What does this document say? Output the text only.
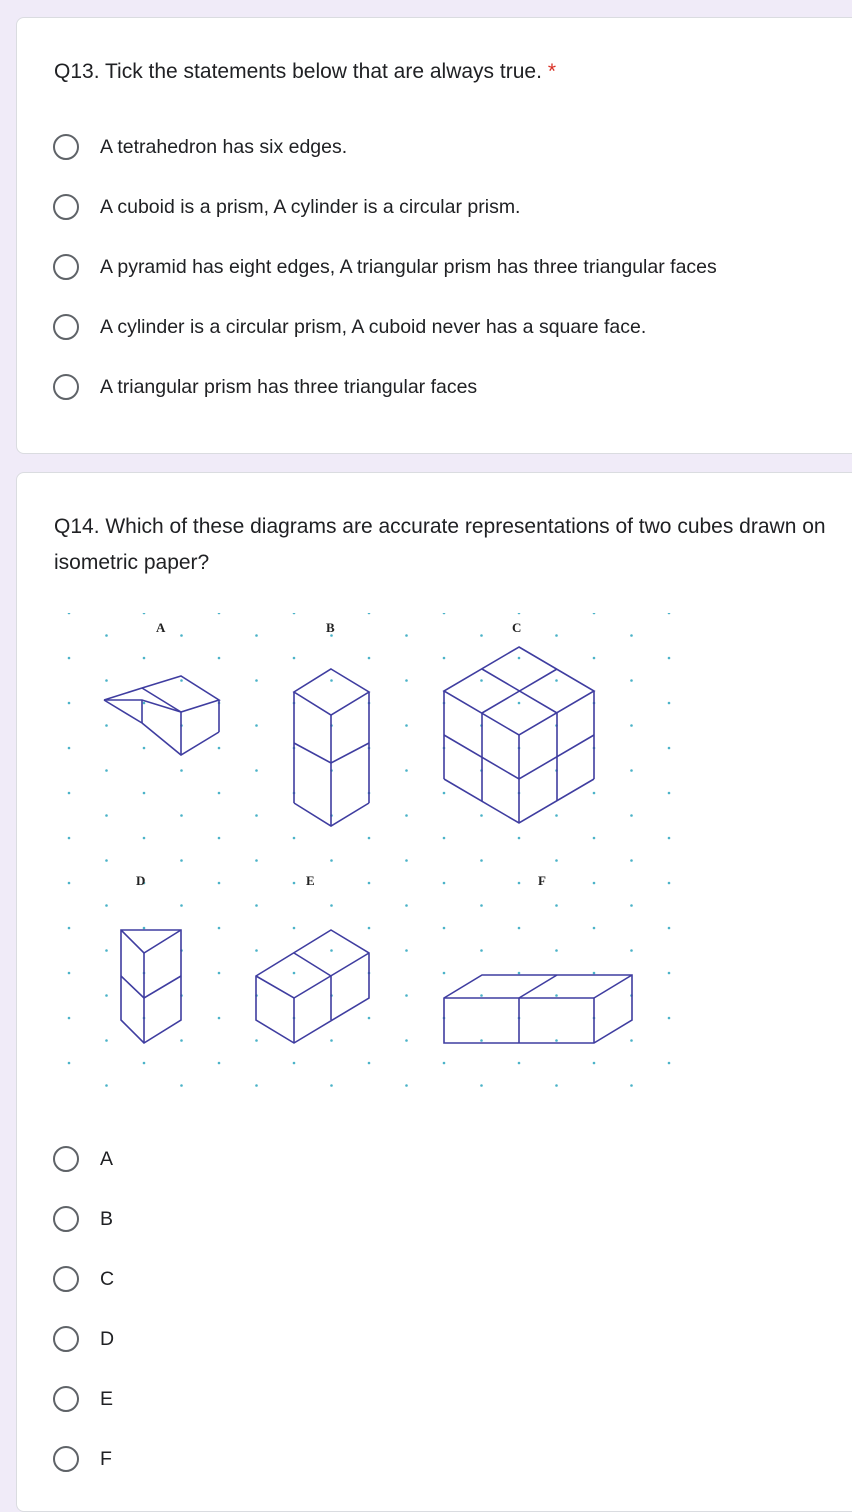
Q13. Tick the statements below that are always true. *
A tetrahedron has six edges.
A cuboid is a prism, A cylinder is a circular prism.
A pyramid has eight edges, A triangular prism has three triangular faces
A cylinder is a circular prism, A cuboid never has a square face.
A triangular prism has three triangular faces
Q14. Which of these diagrams are accurate representations of two cubes drawn on isometric paper?
A	B	C
D	E	F
A
B
C
D
E
F
